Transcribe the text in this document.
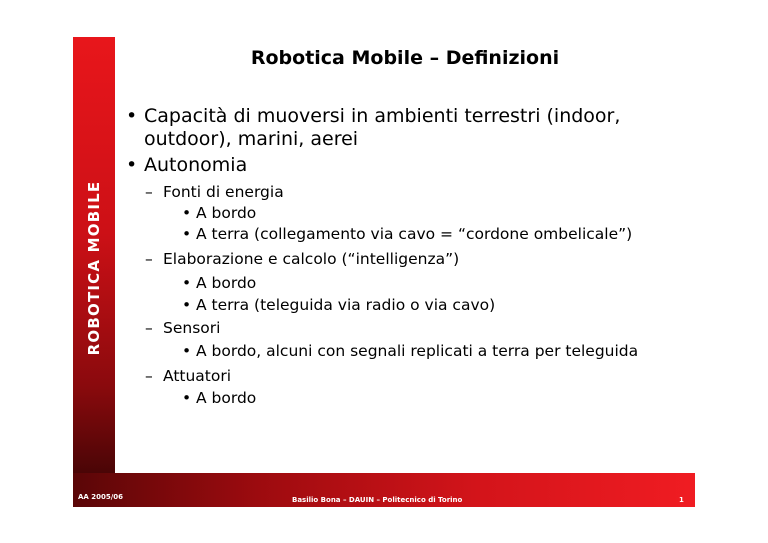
ROBOTICA MOBILE
Robotica Mobile – Definizioni
• Capacità di muoversi in ambienti terrestri (indoor, outdoor), marini, aerei
• Autonomia
– Fonti di energia
• A bordo
• A terra (collegamento via cavo = “cordone ombelicale”)
– Elaborazione e calcolo (“intelligenza”)
• A bordo
• A terra (teleguida via radio o via cavo)
– Sensori
• A bordo, alcuni con segnali replicati a terra per teleguida
– Attuatori
• A bordo
AA 2005/06	Basilio Bona – DAUIN – Politecnico di Torino	1
